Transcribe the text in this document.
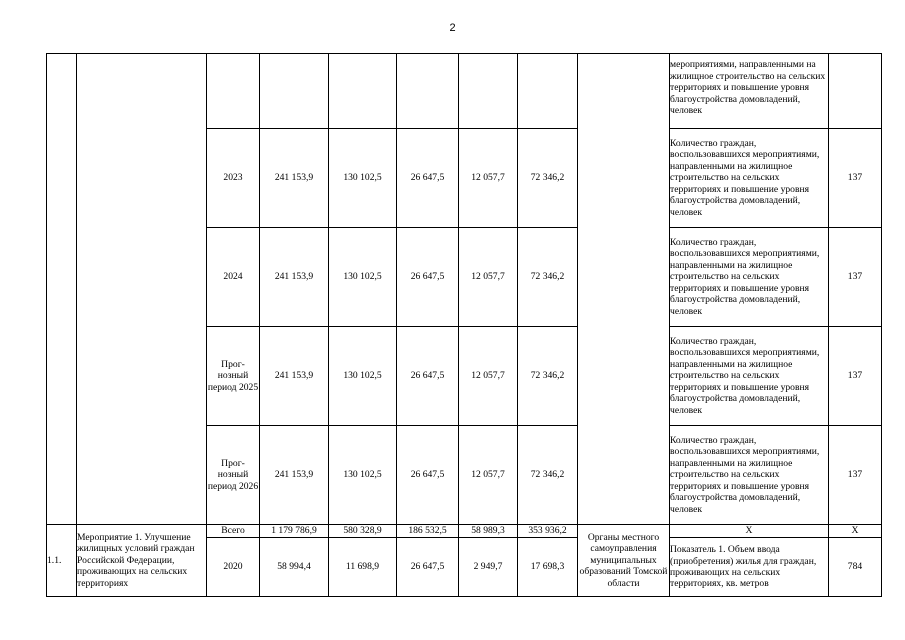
2

									мероприятиями, направленными на жилищное строительство на сельских территориях и повышение уровня благоустройства домовладений, человек	

		2023	241 153,9	130 102,5	26 647,5	12 057,7	72 346,2		Количество граждан, воспользовавшихся мероприятиями, направленными на жилищное строительство на сельских территориях и повышение уровня благоустройства домовладений, человек	137
		2024	241 153,9	130 102,5	26 647,5	12 057,7	72 346,2		Количество граждан, воспользовавшихся мероприятиями, направленными на жилищное строительство на сельских территориях и повышение уровня благоустройства домовладений, человек	137
		Прог-нозный период 2025	241 153,9	130 102,5	26 647,5	12 057,7	72 346,2		Количество граждан, воспользовавшихся мероприятиями, направленными на жилищное строительство на сельских территориях и повышение уровня благоустройства домовладений, человек	137
		Прог-нозный период 2026	241 153,9	130 102,5	26 647,5	12 057,7	72 346,2		Количество граждан, воспользовавшихся мероприятиями, направленными на жилищное строительство на сельских территориях и повышение уровня благоустройства домовладений, человек	137
1.1.	Мероприятие 1. Улучшение жилищных условий граждан Российской Федерации, проживающих на сельских территориях	Всего	1 179 786,9	580 328,9	186 532,5	58 989,3	353 936,2	Органы местного самоуправления муниципальных образований Томской области	X	X
		2020	58 994,4	11 698,9	26 647,5	2 949,7	17 698,3		Показатель 1. Объем ввода (приобретения) жилья для граждан, проживающих на сельских территориях, кв. метров	784
